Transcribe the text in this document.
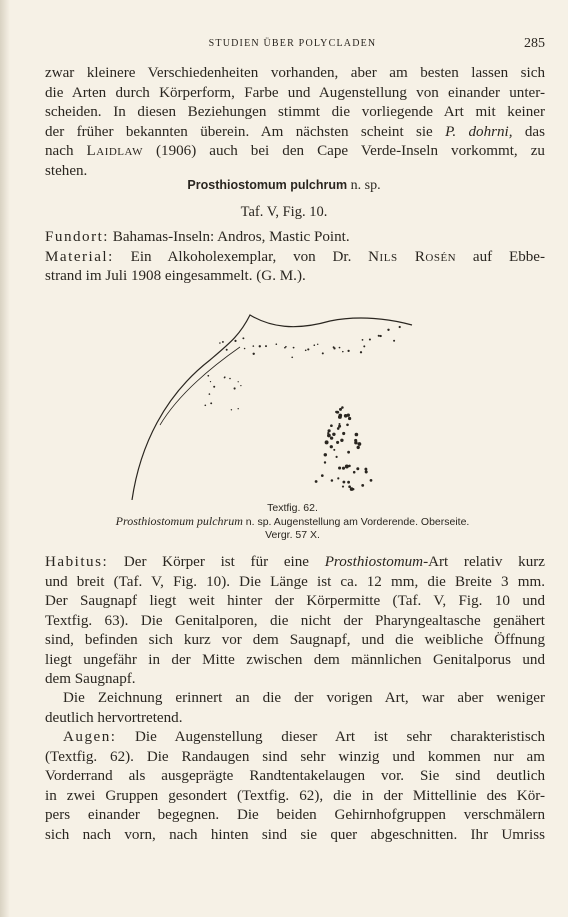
STUDIEN ÜBER POLYCLADEN	285
zwar kleinere Verschiedenheiten vorhanden, aber am besten lassen sich
die Arten durch Körperform, Farbe und Augenstellung von einander unter-
scheiden. In diesen Beziehungen stimmt die vorliegende Art mit keiner
der früher bekannten überein. Am nächsten scheint sie P. dohrni, das
nach Laidlaw (1906) auch bei den Cape Verde-Inseln vorkommt, zu
stehen.
Prosthiostomum pulchrum n. sp.
Taf. V, Fig. 10.
Fundort: Bahamas-Inseln: Andros, Mastic Point.
Material: Ein Alkoholexemplar, von Dr. Nils Rosén auf Ebbe-
strand im Juli 1908 eingesammelt. (G. M.).
Textfig. 62.
Prosthiostomum pulchrum n. sp. Augenstellung am Vorderende. Oberseite.
Vergr. 57 X.
Habitus: Der Körper ist für eine Prosthiostomum-Art relativ kurz
und breit (Taf. V, Fig. 10). Die Länge ist ca. 12 mm, die Breite 3 mm.
Der Saugnapf liegt weit hinter der Körpermitte (Taf. V, Fig. 10 und
Textfig. 63). Die Genitalporen, die nicht der Pharyngealtasche genähert
sind, befinden sich kurz vor dem Saugnapf, und die weibliche Öffnung
liegt ungefähr in der Mitte zwischen dem männlichen Genitalporus und
dem Saugnapf.
Die Zeichnung erinnert an die der vorigen Art, war aber weniger
deutlich hervortretend.
Augen: Die Augenstellung dieser Art ist sehr charakteristisch
(Textfig. 62). Die Randaugen sind sehr winzig und kommen nur am
Vorderrand als ausgeprägte Randtentakelaugen vor. Sie sind deutlich
in zwei Gruppen gesondert (Textfig. 62), die in der Mittellinie des Kör-
pers einander begegnen. Die beiden Gehirnhofgruppen verschmälern
sich nach vorn, nach hinten sind sie quer abgeschnitten. Ihr Umriss
